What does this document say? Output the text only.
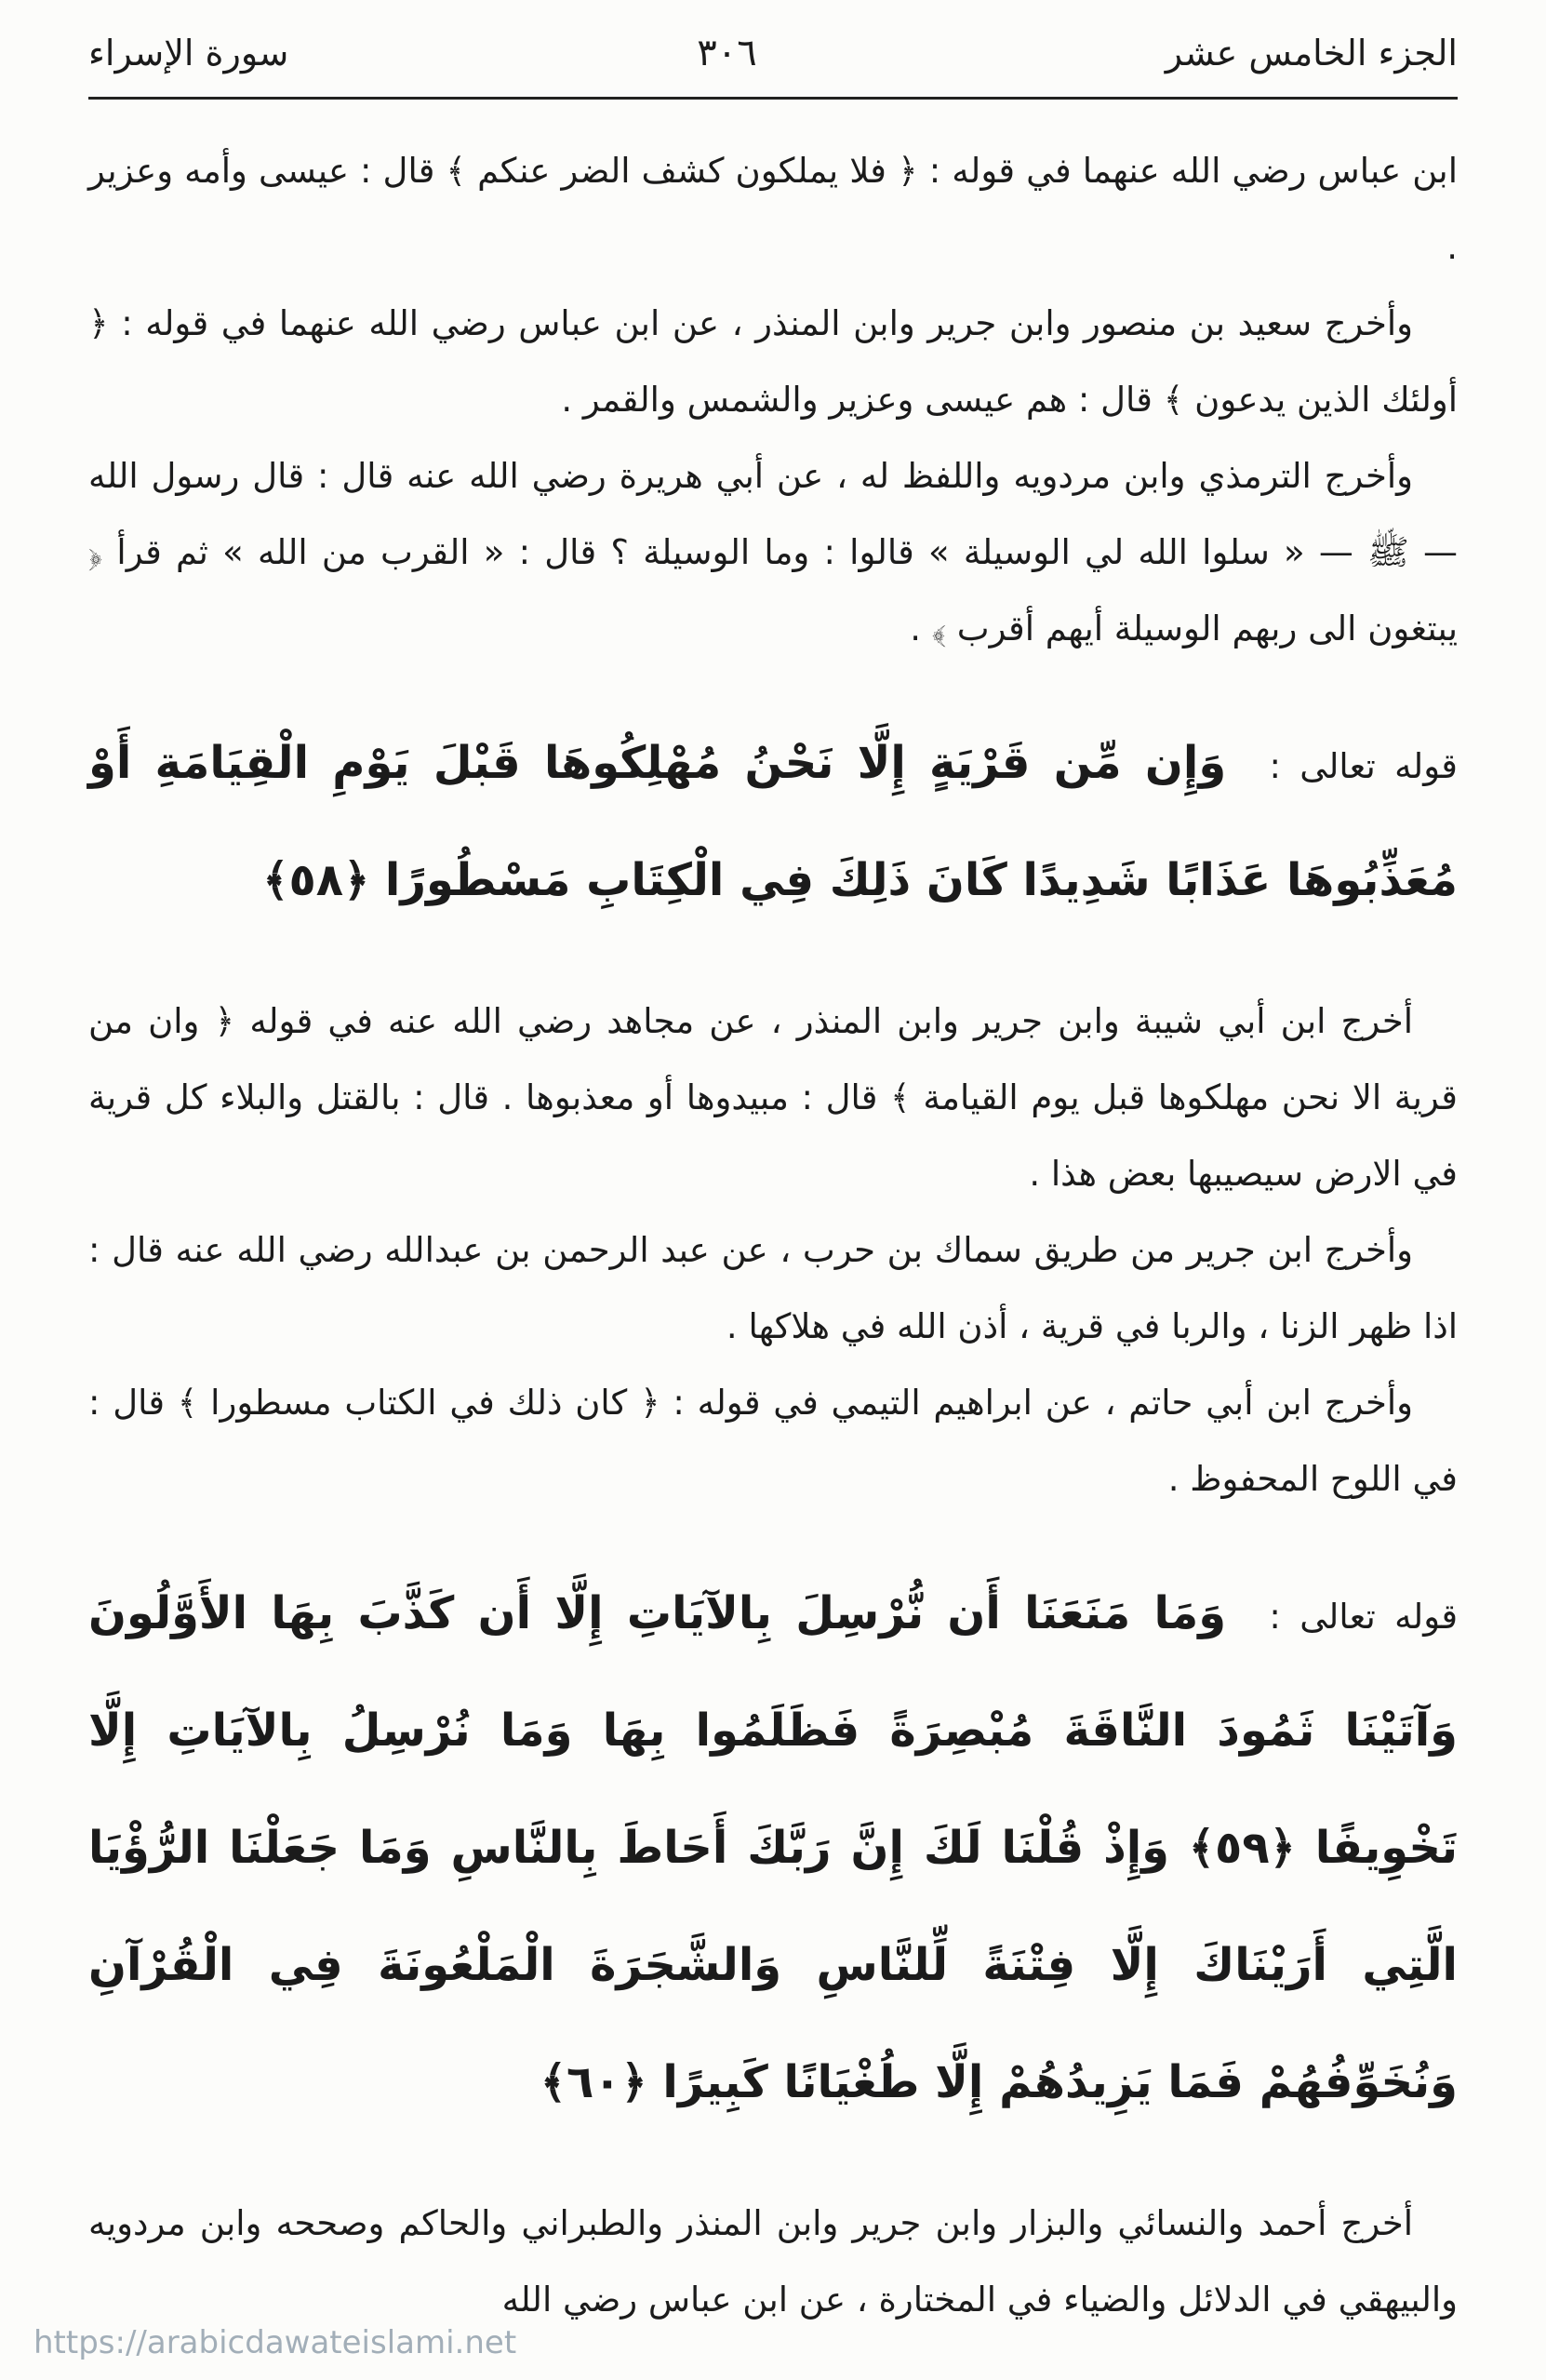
الجزء الخامس عشر
٣٠٦
سورة الإسراء

ابن عباس رضي الله عنهما في قوله : ﴿ فلا يملكون كشف الضر عنكم ﴾ قال : عيسى وأمه وعزير .

وأخرج سعيد بن منصور وابن جرير وابن المنذر ، عن ابن عباس رضي الله عنهما في قوله : ﴿ أولئك الذين يدعون ﴾ قال : هم عيسى وعزير والشمس والقمر .

وأخرج الترمذي وابن مردويه واللفظ له ، عن أبي هريرة رضي الله عنه قال : قال رسول الله — ﷺ — « سلوا الله لي الوسيلة » قالوا : وما الوسيلة ؟ قال : « القرب من الله » ثم قرأ ﴿ يبتغون الى ربهم الوسيلة أيهم أقرب ﴾ .

قوله تعالى : وَإِن مِّن قَرْيَةٍ إِلَّا نَحْنُ مُهْلِكُوهَا قَبْلَ يَوْمِ الْقِيَامَةِ أَوْ مُعَذِّبُوهَا عَذَابًا شَدِيدًا كَانَ ذَلِكَ فِي الْكِتَابِ مَسْطُورًا ﴿٥٨﴾

أخرج ابن أبي شيبة وابن جرير وابن المنذر ، عن مجاهد رضي الله عنه في قوله ﴿ وان من قرية الا نحن مهلكوها قبل يوم القيامة ﴾ قال : مبيدوها أو معذبوها . قال : بالقتل والبلاء كل قرية في الارض سيصيبها بعض هذا .

وأخرج ابن جرير من طريق سماك بن حرب ، عن عبد الرحمن بن عبدالله رضي الله عنه قال : اذا ظهر الزنا ، والربا في قرية ، أذن الله في هلاكها .

وأخرج ابن أبي حاتم ، عن ابراهيم التيمي في قوله : ﴿ كان ذلك في الكتاب مسطورا ﴾ قال : في اللوح المحفوظ .

قوله تعالى : وَمَا مَنَعَنَا أَن نُّرْسِلَ بِالآيَاتِ إِلَّا أَن كَذَّبَ بِهَا الأَوَّلُونَ وَآتَيْنَا ثَمُودَ النَّاقَةَ مُبْصِرَةً فَظَلَمُوا بِهَا وَمَا نُرْسِلُ بِالآيَاتِ إِلَّا تَخْوِيفًا ﴿٥٩﴾ وَإِذْ قُلْنَا لَكَ إِنَّ رَبَّكَ أَحَاطَ بِالنَّاسِ وَمَا جَعَلْنَا الرُّؤْيَا الَّتِي أَرَيْنَاكَ إِلَّا فِتْنَةً لِّلنَّاسِ وَالشَّجَرَةَ الْمَلْعُونَةَ فِي الْقُرْآنِ وَنُخَوِّفُهُمْ فَمَا يَزِيدُهُمْ إِلَّا طُغْيَانًا كَبِيرًا ﴿٦٠﴾

أخرج أحمد والنسائي والبزار وابن جرير وابن المنذر والطبراني والحاكم وصححه وابن مردويه والبيهقي في الدلائل والضياء في المختارة ، عن ابن عباس رضي الله

https://arabicdawateislami.net
